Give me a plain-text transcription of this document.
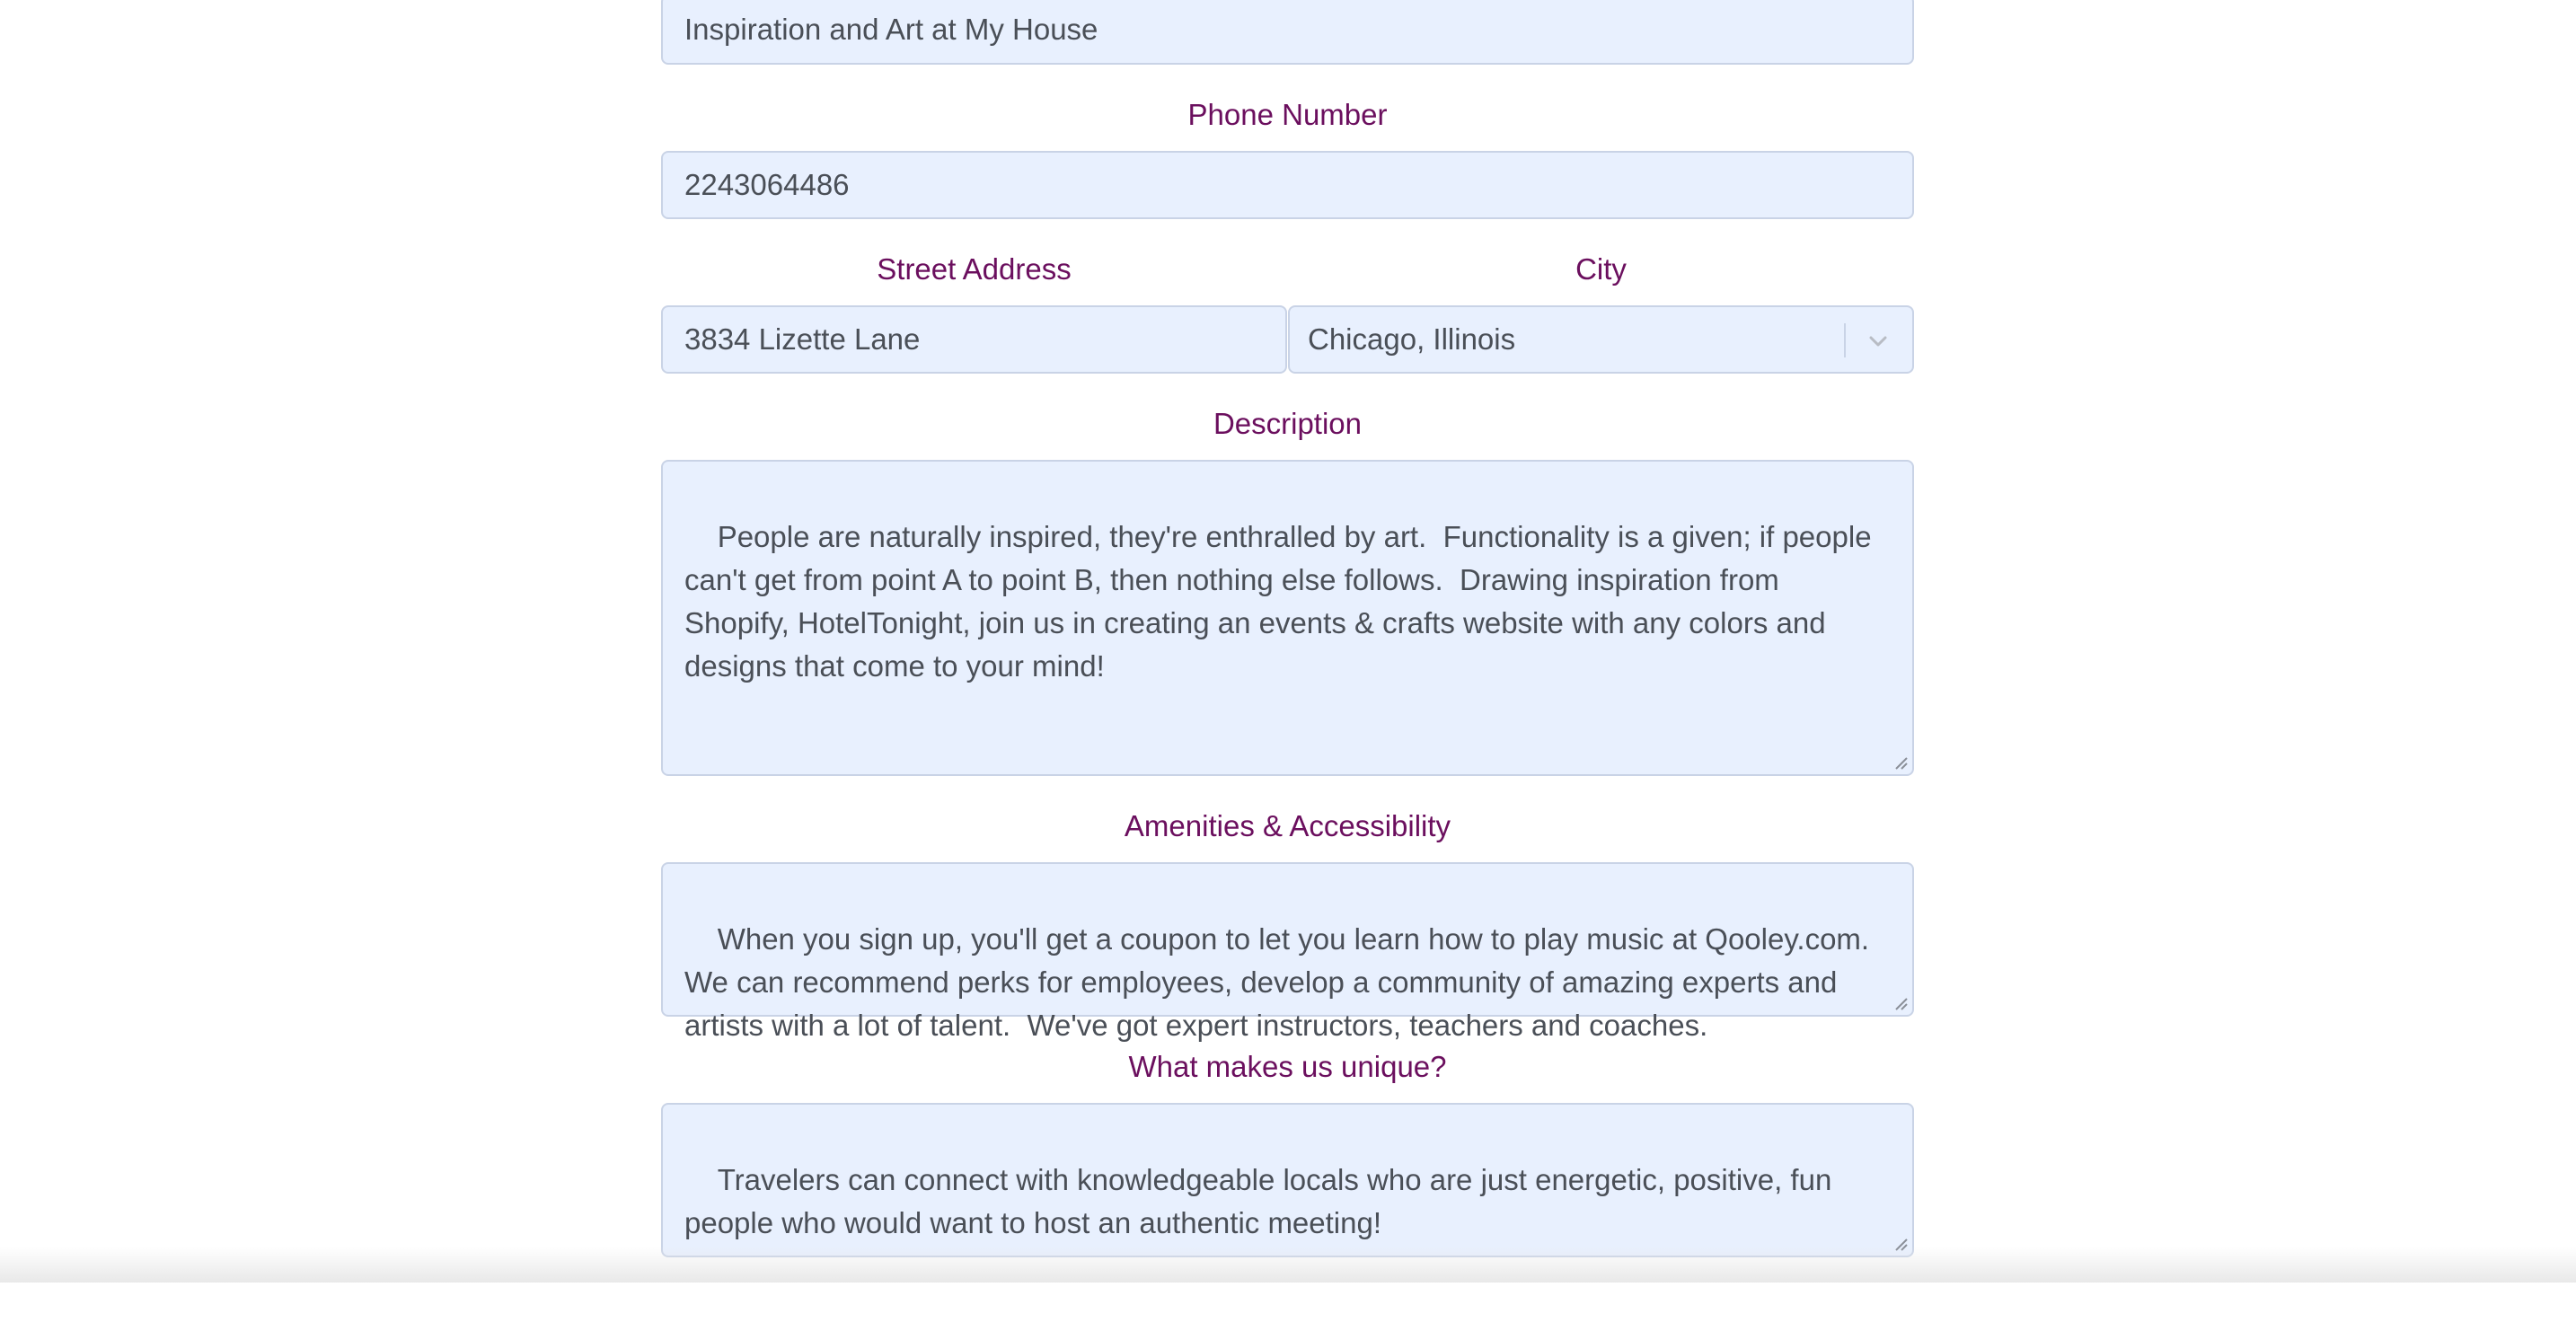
Inspiration and Art at My House
Phone Number
2243064486
Street Address
3834 Lizette Lane
City
Chicago, Illinois
Description

People are naturally inspired, they're enthralled by art.  Functionality is a given; if people can't get from point A to point B, then nothing else follows.  Drawing inspiration from Shopify, HotelTonight, join us in creating an events & crafts website with any colors and designs that come to your mind!

Amenities & Accessibility

When you sign up, you'll get a coupon to let you learn how to play music at Qooley.com.  We can recommend perks for employees, develop a community of amazing experts and artists with a lot of talent.  We've got expert instructors, teachers and coaches.

What makes us unique?

Travelers can connect with knowledgeable locals who are just energetic, positive, fun people who would want to host an authentic meeting!
